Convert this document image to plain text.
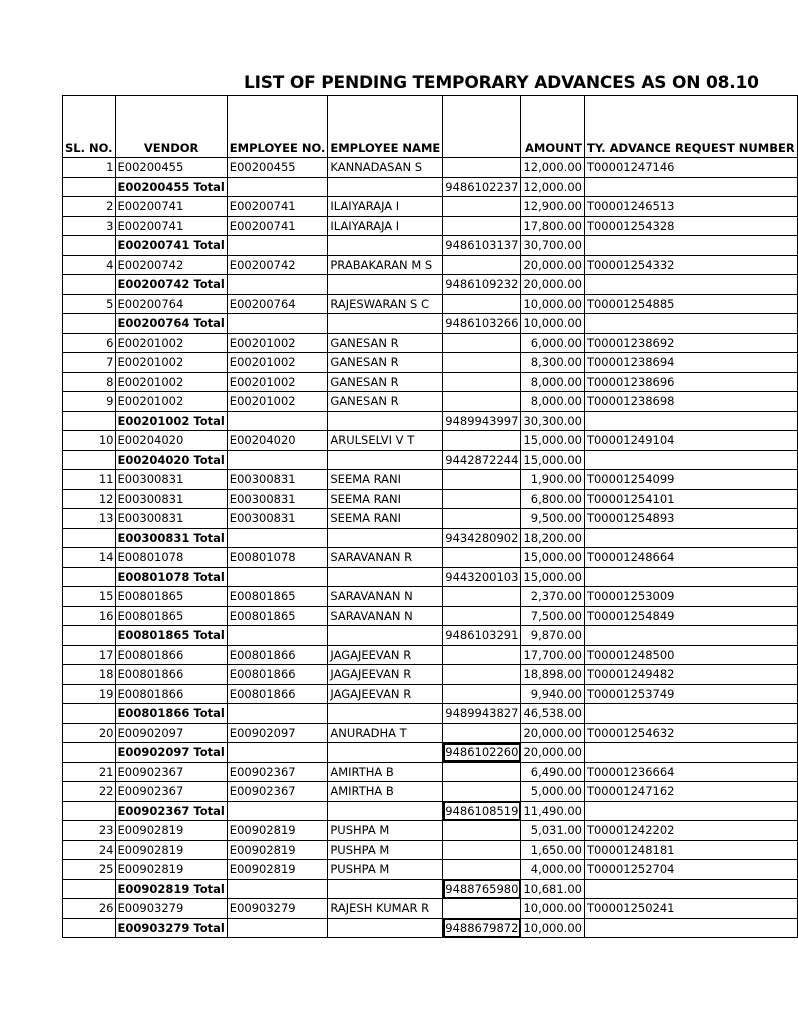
LIST OF PENDING TEMPORARY ADVANCES AS ON 08.10
SL. NO.	VENDOR	EMPLOYEE NO.	EMPLOYEE NAME		AMOUNT	TY. ADVANCE REQUEST NUMBER
1	E00200455	E00200455	KANNADASAN S		12,000.00	T00001247146
	E00200455 Total			9486102237	12,000.00	
2	E00200741	E00200741	ILAIYARAJA I		12,900.00	T00001246513
3	E00200741	E00200741	ILAIYARAJA I		17,800.00	T00001254328
	E00200741 Total			9486103137	30,700.00	
4	E00200742	E00200742	PRABAKARAN M S		20,000.00	T00001254332
	E00200742 Total			9486109232	20,000.00	
5	E00200764	E00200764	RAJESWARAN S C		10,000.00	T00001254885
	E00200764 Total			9486103266	10,000.00	
6	E00201002	E00201002	GANESAN R		6,000.00	T00001238692
7	E00201002	E00201002	GANESAN R		8,300.00	T00001238694
8	E00201002	E00201002	GANESAN R		8,000.00	T00001238696
9	E00201002	E00201002	GANESAN R		8,000.00	T00001238698
	E00201002 Total			9489943997	30,300.00	
10	E00204020	E00204020	ARULSELVI V T		15,000.00	T00001249104
	E00204020 Total			9442872244	15,000.00	
11	E00300831	E00300831	SEEMA RANI		1,900.00	T00001254099
12	E00300831	E00300831	SEEMA RANI		6,800.00	T00001254101
13	E00300831	E00300831	SEEMA RANI		9,500.00	T00001254893
	E00300831 Total			9434280902	18,200.00	
14	E00801078	E00801078	SARAVANAN R		15,000.00	T00001248664
	E00801078 Total			9443200103	15,000.00	
15	E00801865	E00801865	SARAVANAN N		2,370.00	T00001253009
16	E00801865	E00801865	SARAVANAN N		7,500.00	T00001254849
	E00801865 Total			9486103291	9,870.00	
17	E00801866	E00801866	JAGAJEEVAN R		17,700.00	T00001248500
18	E00801866	E00801866	JAGAJEEVAN R		18,898.00	T00001249482
19	E00801866	E00801866	JAGAJEEVAN R		9,940.00	T00001253749
	E00801866 Total			9489943827	46,538.00	
20	E00902097	E00902097	ANURADHA T		20,000.00	T00001254632
	E00902097 Total			9486102260	20,000.00	
21	E00902367	E00902367	AMIRTHA B		6,490.00	T00001236664
22	E00902367	E00902367	AMIRTHA B		5,000.00	T00001247162
	E00902367 Total			9486108519	11,490.00	
23	E00902819	E00902819	PUSHPA M		5,031.00	T00001242202
24	E00902819	E00902819	PUSHPA M		1,650.00	T00001248181
25	E00902819	E00902819	PUSHPA M		4,000.00	T00001252704
	E00902819 Total			9488765980	10,681.00	
26	E00903279	E00903279	RAJESH KUMAR R		10,000.00	T00001250241
	E00903279 Total			9488679872	10,000.00	
